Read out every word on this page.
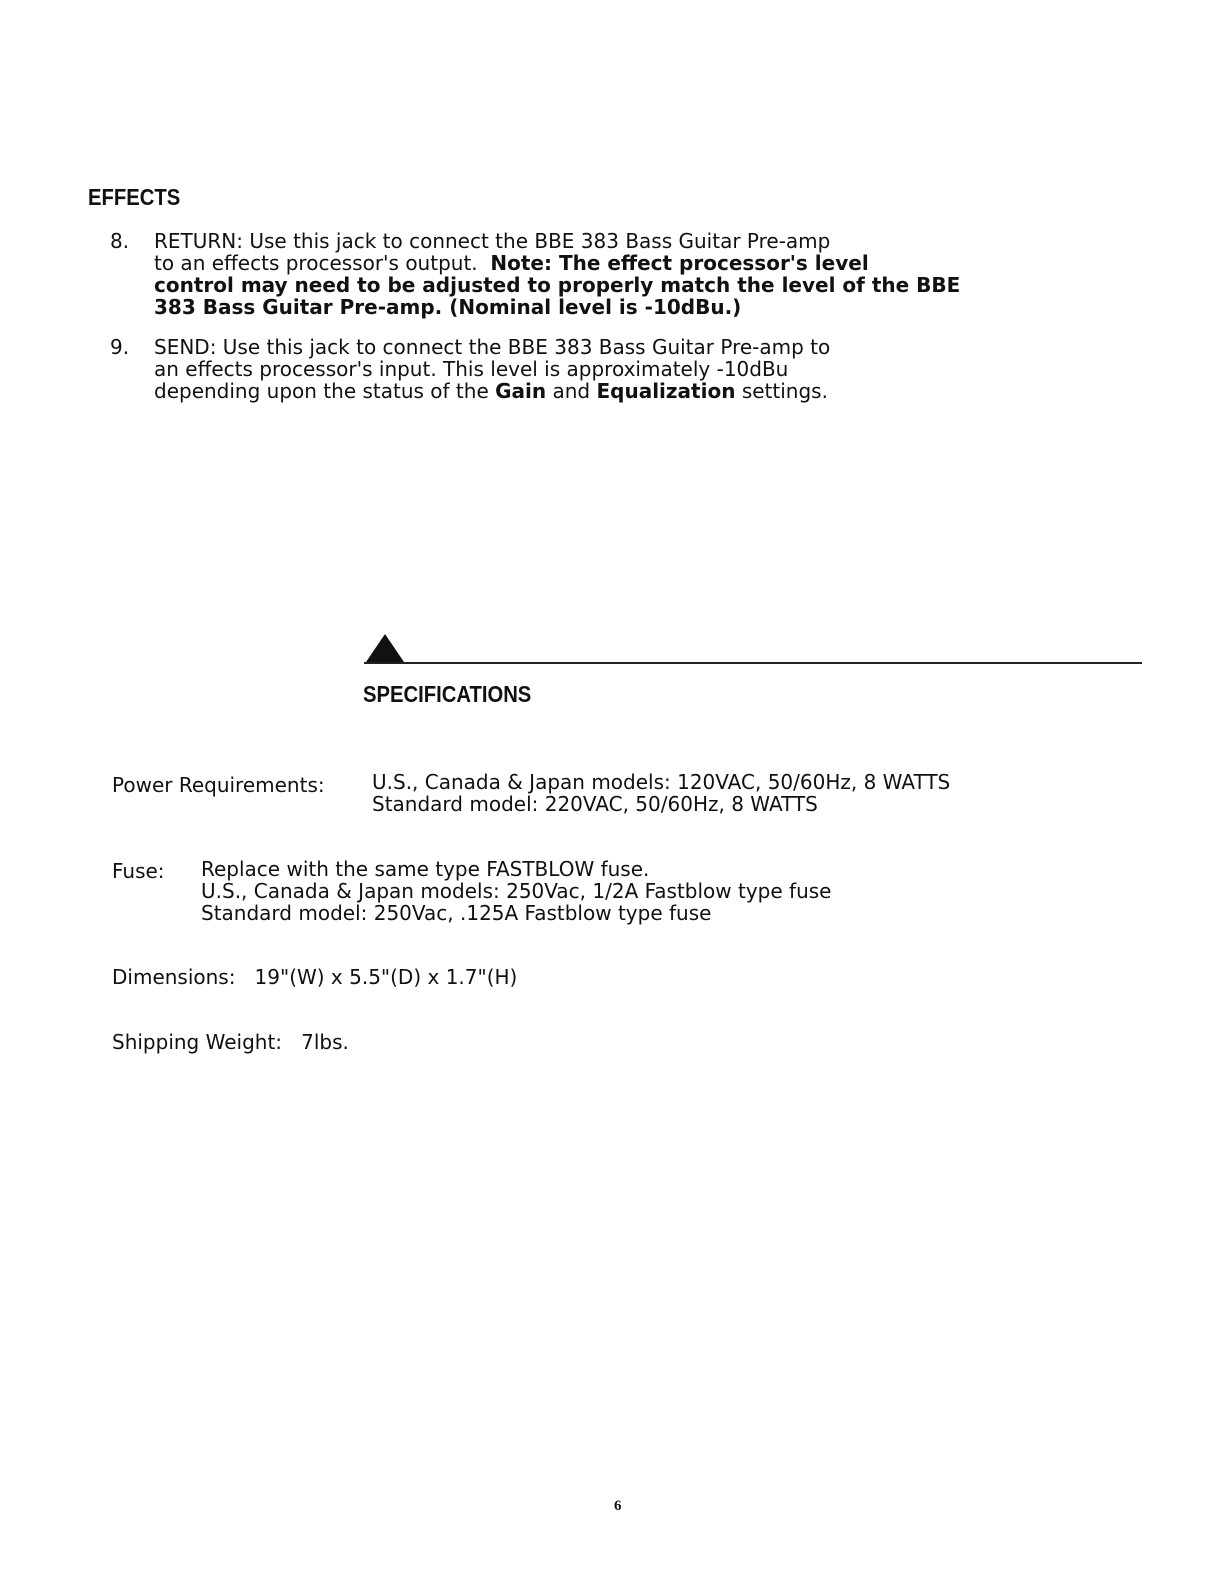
EFFECTS
8. RETURN: Use this jack to connect the BBE 383 Bass Guitar Pre-amp
to an effects processor's output. Note: The effect processor's level
control may need to be adjusted to properly match the level of the BBE
383 Bass Guitar Pre-amp. (Nominal level is -10dBu.)
9. SEND: Use this jack to connect the BBE 383 Bass Guitar Pre-amp to
an effects processor's input. This level is approximately -10dBu
depending upon the status of the Gain and Equalization settings.
SPECIFICATIONS
Power Requirements: U.S., Canada & Japan models: 120VAC, 50/60Hz, 8 WATTS
Standard model: 220VAC, 50/60Hz, 8 WATTS
Fuse: Replace with the same type FASTBLOW fuse.
U.S., Canada & Japan models: 250Vac, 1/2A Fastblow type fuse
Standard model: 250Vac, .125A Fastblow type fuse
Dimensions: 19"(W) x 5.5"(D) x 1.7"(H)
Shipping Weight: 7lbs.
6
